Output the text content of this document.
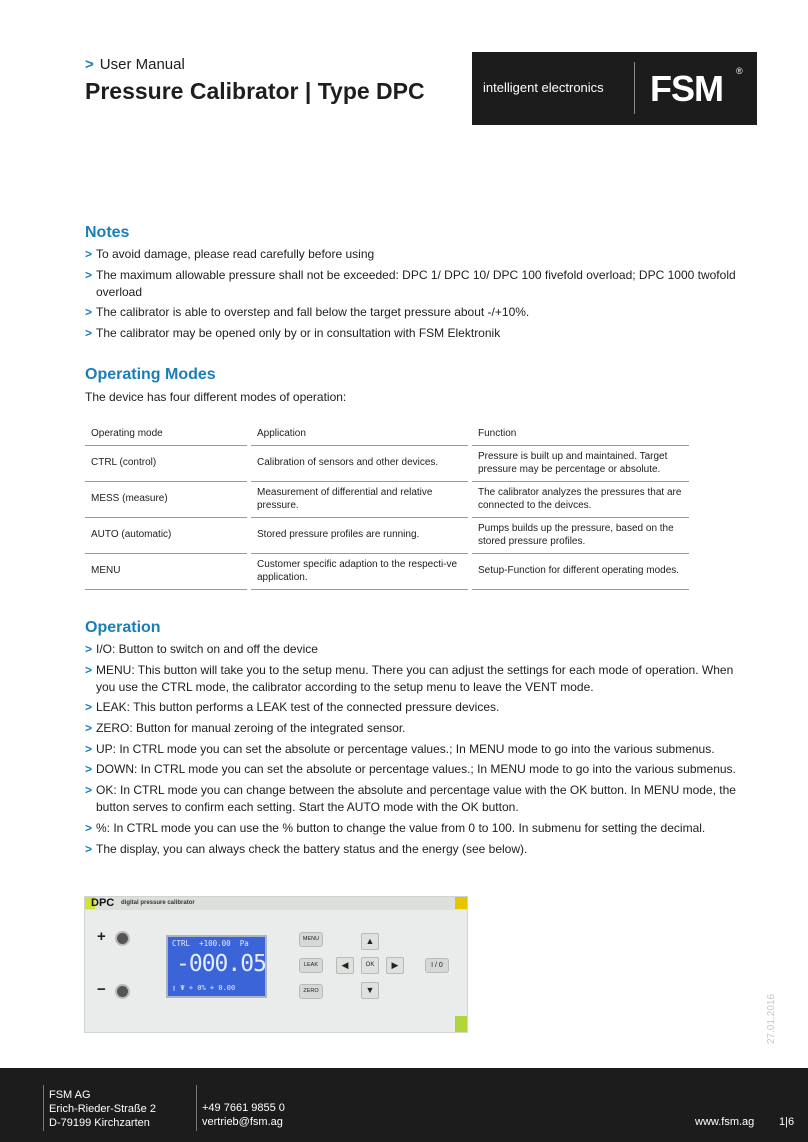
> User Manual
Pressure Calibrator | Type DPC	intelligent electronics FSM ®
Notes
> To avoid damage, please read carefully before using
> The maximum allowable pressure shall not be exceeded: DPC 1/ DPC 10/ DPC 100 fivefold overload; DPC 1000 twofold overload
> The calibrator is able to overstep and fall below the target pressure about -/+10%.
> The calibrator may be opened only by or in consultation with FSM Elektronik
Operating Modes
The device has four different modes of operation:
Operating mode	Application	Function
CTRL (control)	Calibration of sensors and other devices.	Pressure is built up and maintained. Target pressure may be percentage or absolute.
MESS (measure)	Measurement of differential and relative pressure.	The calibrator analyzes the pressures that are connected to the deivces.
AUTO (automatic)	Stored pressure profiles are running.	Pumps builds up the pressure, based on the stored pressure profiles.
MENU	Customer specific adaption to the respecti-ve application.	Setup-Function for different operating modes.
Operation
> I/O: Button to switch on and off the device
> MENU: This button will take you to the setup menu. There you can adjust the settings for each mode of operation. When you use the CTRL mode, the calibrator according to the setup menu to leave the VENT mode.
> LEAK: This button performs a LEAK test of the connected pressure devices.
> ZERO: Button for manual zeroing of the integrated sensor.
> UP: In CTRL mode you can set the absolute or percentage values.; In MENU mode to go into the various submenus.
> DOWN: In CTRL mode you can set the absolute or percentage values.; In MENU mode to go into the various submenus.
> OK: In CTRL mode you can change between the absolute and percentage value with the OK button. In MENU mode, the button serves to confirm each setting. Start the AUTO mode with the OK button.
> %: In CTRL mode you can use the % button to change the value from 0 to 100. In submenu for setting the decimal.
> The display, you can always check the battery status and the energy (see below).
DPC digital pressure calibrator
+
−
CTRL +100.00 Pa
-000.05
▯ Ψ + 0% + 0.00
MENU
LEAK
ZERO
▲
◀	OK	▶
▼
I / 0
27.01.2016
FSM AG
Erich-Rieder-Straße 2
D-79199 Kirchzarten
+49 7661 9855 0
vertrieb@fsm.ag	www.fsm.ag 1|6
